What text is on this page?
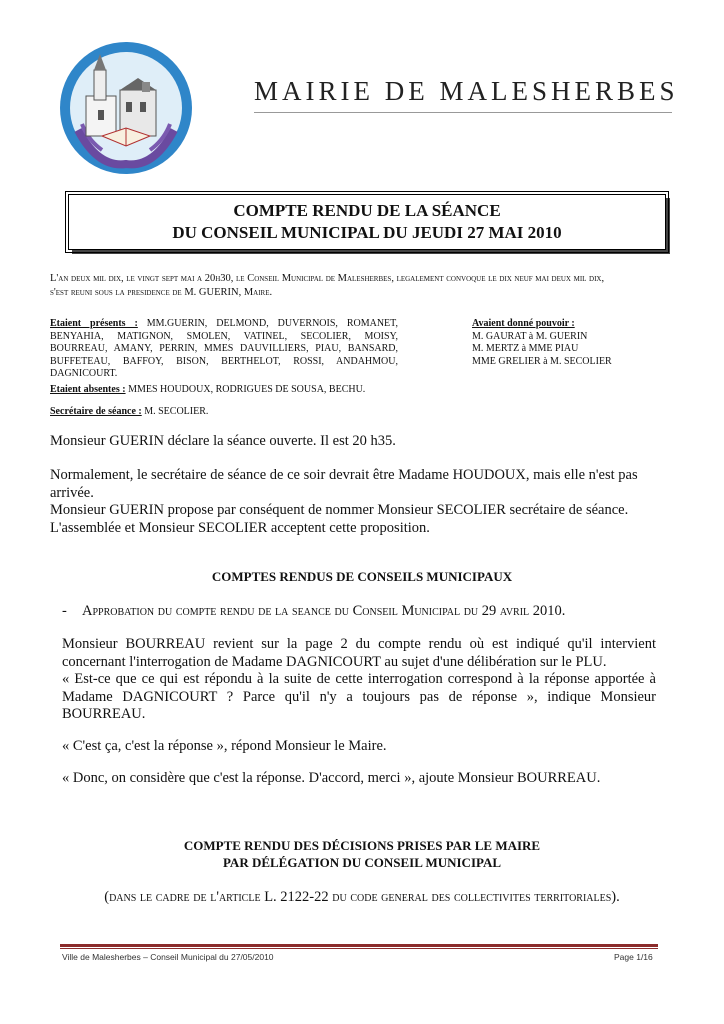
MAIRIE DE MALESHERBES
COMPTE RENDU DE LA SÉANCE
DU CONSEIL MUNICIPAL DU JEUDI 27 MAI 2010
L'an deux mil dix, le vingt sept mai a 20h30, le Conseil Municipal de Malesherbes, legalement convoque le dix neuf mai deux mil dix,
s'est reuni sous la presidence de M. GUERIN, Maire.
Etaient présents : MM.GUERIN, DELMOND, DUVERNOIS, ROMANET, BENYAHIA, MATIGNON, SMOLEN, VATINEL, SECOLIER, MOISY, BOURREAU, AMANY, PERRIN, MMES DAUVILLIERS, PIAU, BANSARD, BUFFETEAU, BAFFOY, BISON, BERTHELOT, ROSSI, ANDAHMOU, DAGNICOURT.
Avaient donné pouvoir :
M. GAURAT à M. GUERIN
M. MERTZ à MME PIAU
MME GRELIER à M. SECOLIER
Etaient absentes : MMES HOUDOUX, RODRIGUES DE SOUSA, BECHU.
Secrétaire de séance : M. SECOLIER.
Monsieur GUERIN déclare la séance ouverte. Il est 20 h35.
Normalement, le secrétaire de séance de ce soir devrait être Madame HOUDOUX, mais elle n'est pas arrivée.
Monsieur GUERIN propose par conséquent de nommer Monsieur SECOLIER secrétaire de séance.
L'assemblée et Monsieur SECOLIER acceptent cette proposition.
COMPTES RENDUS DE CONSEILS MUNICIPAUX
- Approbation du compte rendu de la seance du Conseil Municipal du 29 avril 2010.
Monsieur BOURREAU revient sur la page 2 du compte rendu où est indiqué qu'il intervient concernant l'interrogation de Madame DAGNICOURT au sujet d'une délibération sur le PLU.
« Est-ce que ce qui est répondu à la suite de cette interrogation correspond à la réponse apportée à Madame DAGNICOURT ? Parce qu'il n'y a toujours pas de réponse », indique Monsieur BOURREAU.
« C'est ça, c'est la réponse », répond Monsieur le Maire.
« Donc, on considère que c'est la réponse. D'accord, merci », ajoute Monsieur BOURREAU.
COMPTE RENDU DES DÉCISIONS PRISES PAR LE MAIRE
PAR DÉLÉGATION DU CONSEIL MUNICIPAL
(dans le cadre de l'article L. 2122-22 du code general des collectivites territoriales).
Ville de Malesherbes – Conseil Municipal du 27/05/2010	Page 1/16
